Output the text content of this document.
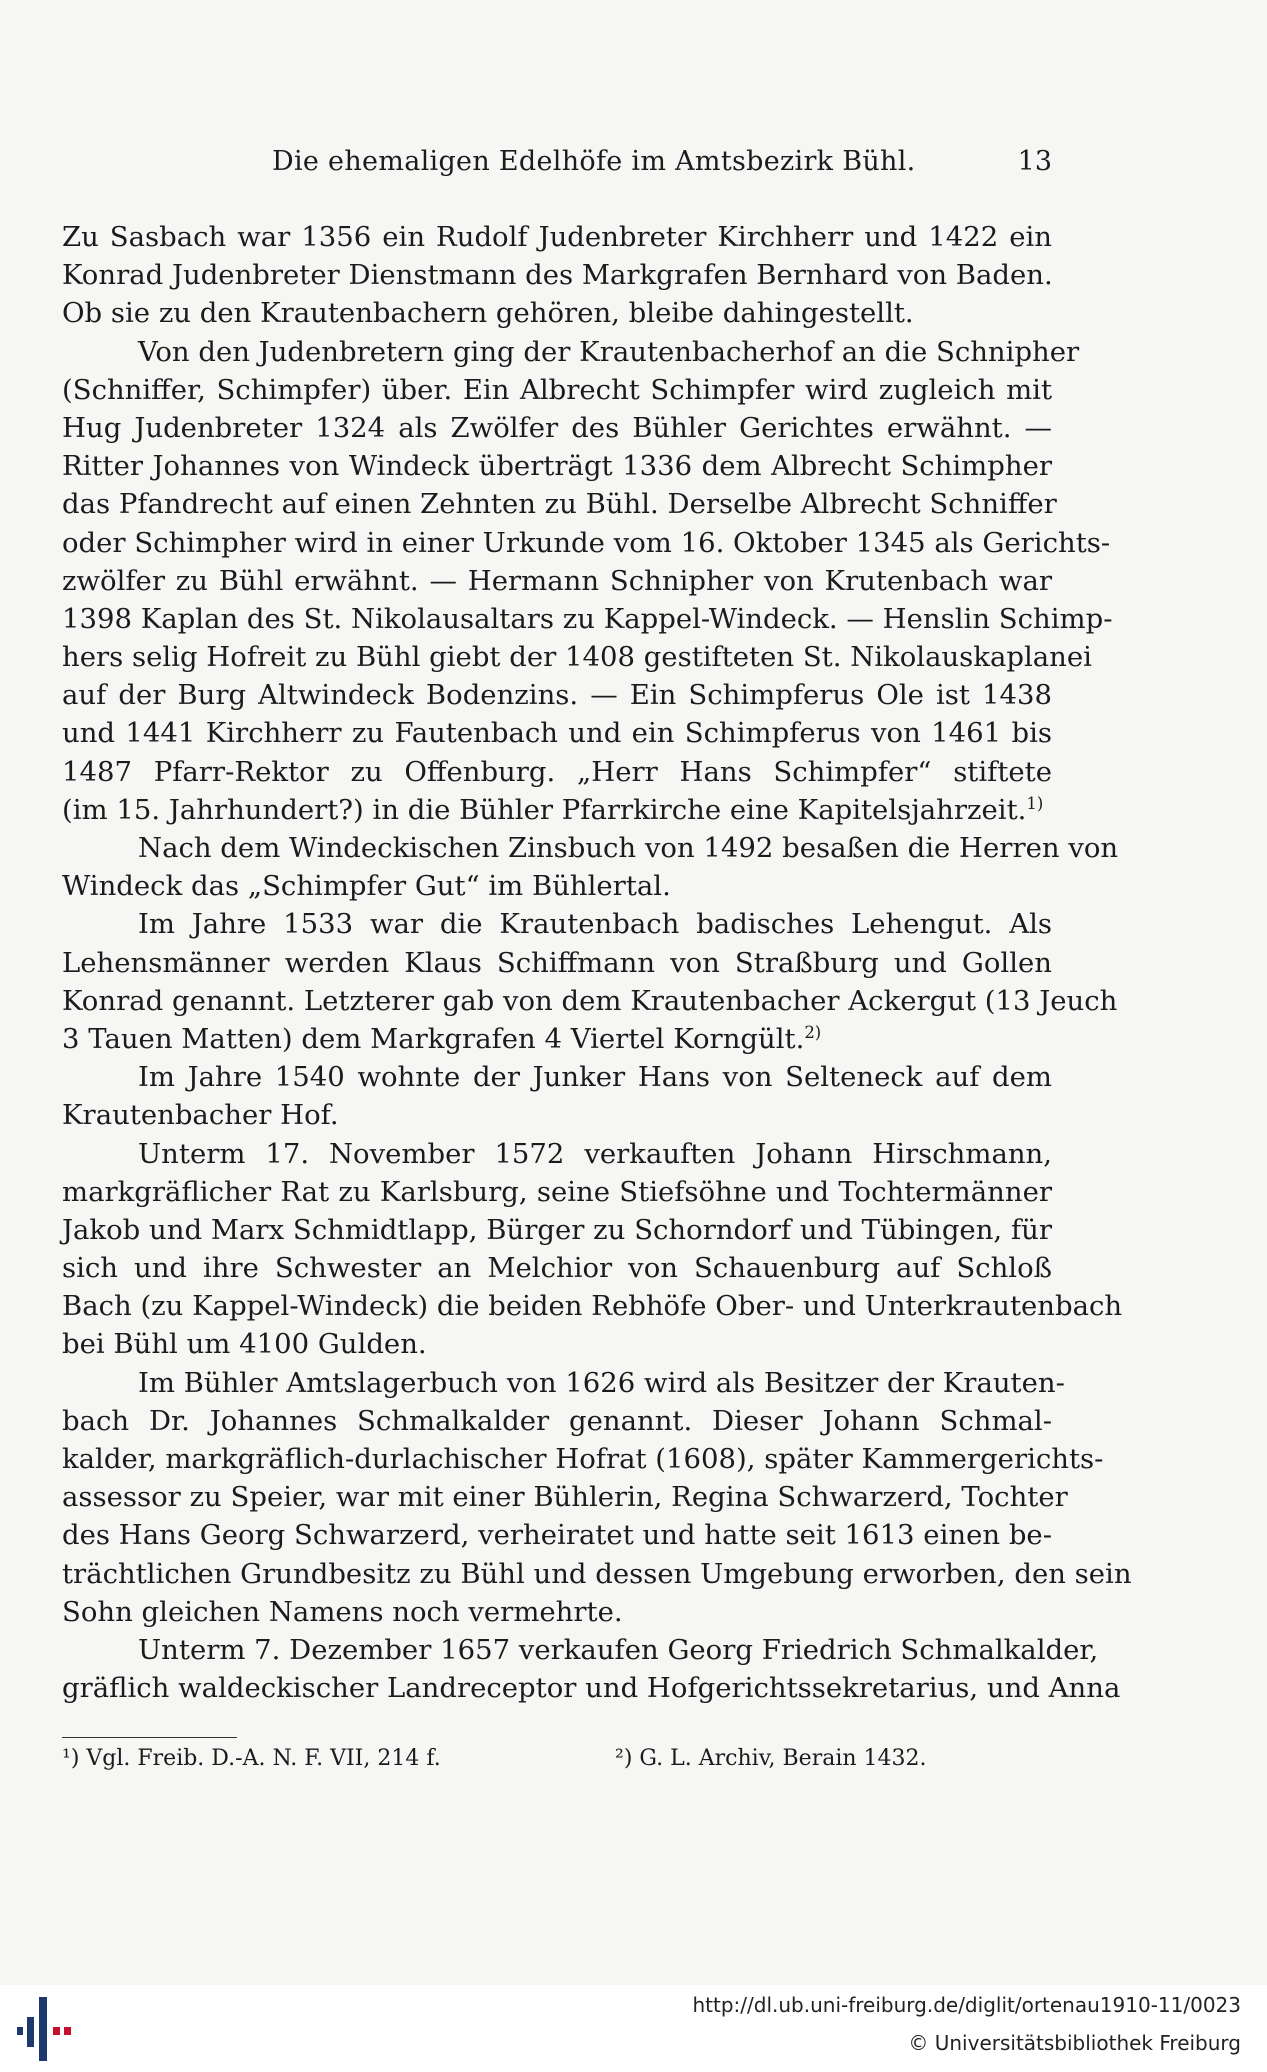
Die ehemaligen Edelhöfe im Amtsbezirk Bühl.	13
Zu Sasbach war 1356 ein Rudolf Judenbreter Kirchherr und 1422 ein
Konrad Judenbreter Dienstmann des Markgrafen Bernhard von Baden.
Ob sie zu den Krautenbachern gehören, bleibe dahingestellt.
Von den Judenbretern ging der Krautenbacherhof an die Schnipher
(Schniffer, Schimpfer) über. Ein Albrecht Schimpfer wird zugleich mit
Hug Judenbreter 1324 als Zwölfer des Bühler Gerichtes erwähnt. —
Ritter Johannes von Windeck überträgt 1336 dem Albrecht Schimpher
das Pfandrecht auf einen Zehnten zu Bühl. Derselbe Albrecht Schniffer
oder Schimpher wird in einer Urkunde vom 16. Oktober 1345 als Gerichts-
zwölfer zu Bühl erwähnt. — Hermann Schnipher von Krutenbach war
1398 Kaplan des St. Nikolausaltars zu Kappel-Windeck. — Henslin Schimp-
hers selig Hofreit zu Bühl giebt der 1408 gestifteten St. Nikolauskaplanei
auf der Burg Altwindeck Bodenzins. — Ein Schimpferus Ole ist 1438
und 1441 Kirchherr zu Fautenbach und ein Schimpferus von 1461 bis
1487 Pfarr-Rektor zu Offenburg. „Herr Hans Schimpfer“ stiftete
(im 15. Jahrhundert?) in die Bühler Pfarrkirche eine Kapitelsjahrzeit.$^{1)}$
Nach dem Windeckischen Zinsbuch von 1492 besaßen die Herren von
Windeck das „Schimpfer Gut“ im Bühlertal.
Im Jahre 1533 war die Krautenbach badisches Lehengut. Als
Lehensmänner werden Klaus Schiffmann von Straßburg und Gollen
Konrad genannt. Letzterer gab von dem Krautenbacher Ackergut (13 Jeuch
3 Tauen Matten) dem Markgrafen 4 Viertel Korngült.$^{2)}$
Im Jahre 1540 wohnte der Junker Hans von Selteneck auf dem
Krautenbacher Hof.
Unterm 17. November 1572 verkauften Johann Hirschmann,
markgräflicher Rat zu Karlsburg, seine Stiefsöhne und Tochtermänner
Jakob und Marx Schmidtlapp, Bürger zu Schorndorf und Tübingen, für
sich und ihre Schwester an Melchior von Schauenburg auf Schloß
Bach (zu Kappel-Windeck) die beiden Rebhöfe Ober- und Unterkrautenbach
bei Bühl um 4100 Gulden.
Im Bühler Amtslagerbuch von 1626 wird als Besitzer der Krauten-
bach Dr. Johannes Schmalkalder genannt. Dieser Johann Schmal-
kalder, markgräflich-durlachischer Hofrat (1608), später Kammergerichts-
assessor zu Speier, war mit einer Bühlerin, Regina Schwarzerd, Tochter
des Hans Georg Schwarzerd, verheiratet und hatte seit 1613 einen be-
trächtlichen Grundbesitz zu Bühl und dessen Umgebung erworben, den sein
Sohn gleichen Namens noch vermehrte.
Unterm 7. Dezember 1657 verkaufen Georg Friedrich Schmalkalder,
gräflich waldeckischer Landreceptor und Hofgerichtssekretarius, und Anna
¹) Vgl. Freib. D.-A. N. F. VII, 214 f.	²) G. L. Archiv, Berain 1432.
http://dl.ub.uni-freiburg.de/diglit/ortenau1910-11/0023
© Universitätsbibliothek Freiburg
